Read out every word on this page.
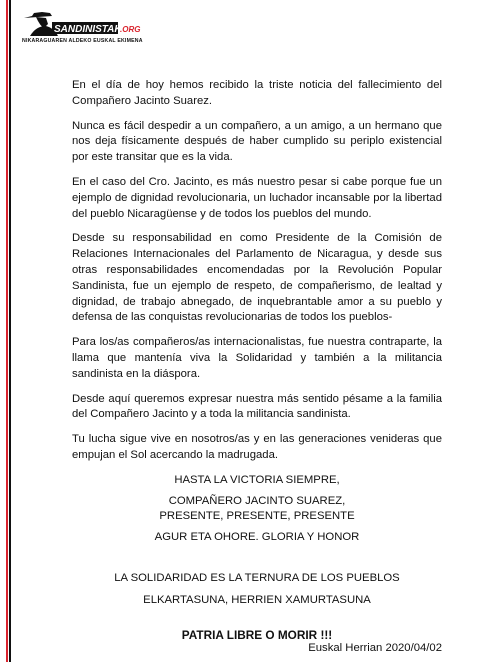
SANDINISTAK
.ORG
NIKARAGUAREN ALDEKO EUSKAL EKIMENA

En el día de hoy hemos recibido la triste noticia del fallecimiento del Compañero Jacinto Suarez.

Nunca es fácil despedir a un compañero, a un amigo, a un hermano que nos deja físicamente después de haber cumplido su periplo existencial por este transitar que es la vida.

En el caso del Cro. Jacinto, es más nuestro pesar si cabe porque fue un ejemplo de dignidad revolucionaria, un luchador incansable por la libertad del pueblo Nicaragüense y de todos los pueblos del mundo.

Desde su responsabilidad en como Presidente de la Comisión de Relaciones Internacionales del Parlamento de Nicaragua, y desde sus otras responsabilidades encomendadas por la Revolución Popular Sandinista, fue un ejemplo de respeto, de compañerismo, de lealtad y dignidad, de trabajo abnegado, de inquebrantable amor a su pueblo y defensa de las conquistas revolucionarias de todos los pueblos-

Para los/as compañeros/as internacionalistas, fue nuestra contraparte, la llama que mantenía viva la Solidaridad y también a la militancia sandinista en la diáspora.

Desde aquí queremos expresar nuestra más sentido pésame a la familia del Compañero Jacinto y a toda la militancia sandinista.

Tu lucha sigue vive en nosotros/as y en las generaciones venideras que empujan el Sol acercando la madrugada.

HASTA LA VICTORIA SIEMPRE,

COMPAÑERO JACINTO SUAREZ,

PRESENTE, PRESENTE, PRESENTE

AGUR ETA OHORE. GLORIA Y HONOR

LA SOLIDARIDAD ES LA TERNURA DE LOS PUEBLOS

ELKARTASUNA, HERRIEN XAMURTASUNA

PATRIA LIBRE O MORIR !!!
Euskal Herrian 2020/04/02
